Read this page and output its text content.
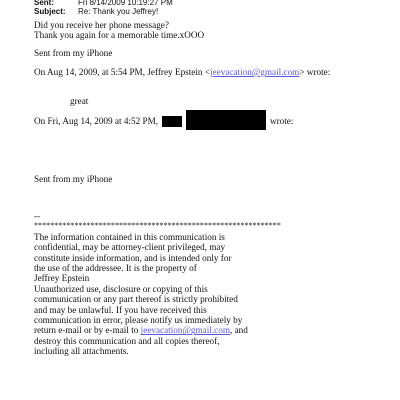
Sent:	Fri 8/14/2009 10:19:27 PM
Subject:	Re: Thank you Jeffrey!
Did you receive her phone message?
Thank you again for a memorable time.xOOO
Sent from my iPhone
On Aug 14, 2009, at 5:54 PM, Jeffrey Epstein <jeevacation@gmail.com> wrote:
great
On Fri, Aug 14, 2009 at 4:52 PM,	wrote:
Sent from my iPhone
--
*************************************************************
The information contained in this communication is
confidential, may be attorney-client privileged, may
constitute inside information, and is intended only for
the use of the addressee. It is the property of
Jeffrey Epstein
Unauthorized use, disclosure or copying of this
communication or any part thereof is strictly prohibited
and may be unlawful. If you have received this
communication in error, please notify us immediately by
return e-mail or by e-mail to jeevacation@gmail.com, and
destroy this communication and all copies thereof,
including all attachments.
